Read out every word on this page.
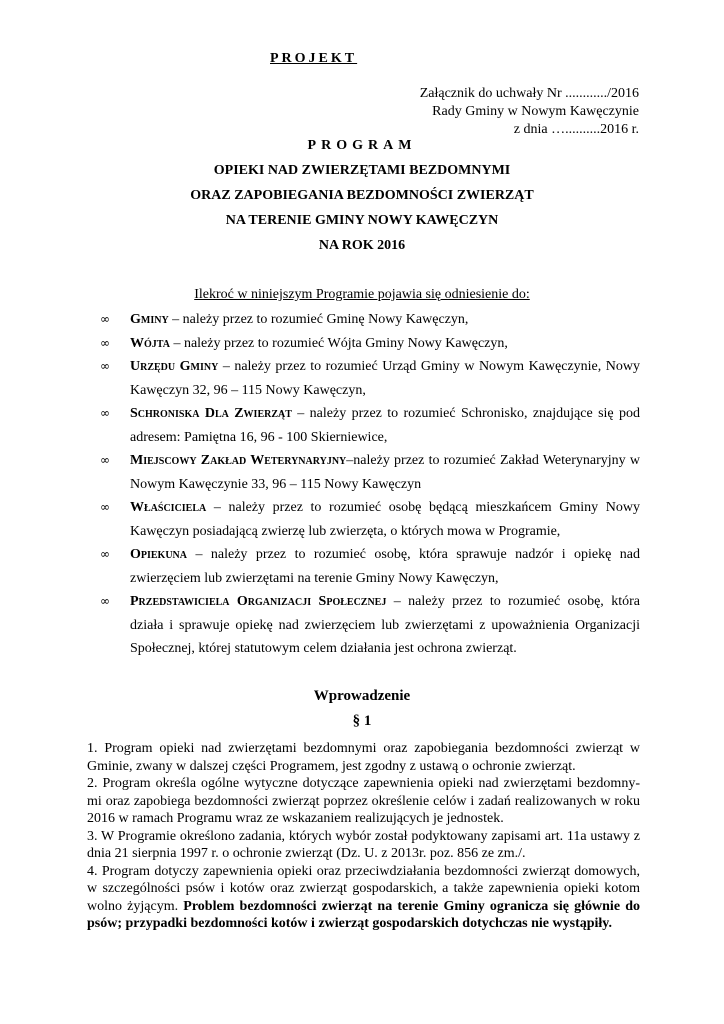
PROJEKT
Załącznik do uchwały Nr ............/2016
Rady Gminy w Nowym Kawęczynie
z dnia …..........2016 r.
PROGRAM
OPIEKI NAD ZWIERZĘTAMI BEZDOMNYMI
ORAZ ZAPOBIEGANIA BEZDOMNOŚCI ZWIERZĄT
NA TERENIE GMINY NOWY KAWĘCZYN
NA ROK 2016
Ilekroć w niniejszym Programie pojawia się odniesienie do:
∞ Gminy – należy przez to rozumieć Gminę Nowy Kawęczyn,
∞ Wójta – należy przez to rozumieć Wójta Gminy Nowy Kawęczyn,
∞ Urzędu Gminy – należy przez to rozumieć Urząd Gminy w Nowym Kawęczynie, Nowy Kawęczyn 32, 96 – 115 Nowy Kawęczyn,
∞ Schroniska Dla Zwierząt – należy przez to rozumieć Schronisko, znajdujące się pod adresem: Pamiętna 16, 96 - 100 Skierniewice,
∞ Miejscowy Zakład Weterynaryjny–należy przez to rozumieć Zakład Weterynaryjny w Nowym Kawęczynie 33, 96 – 115 Nowy Kawęczyn
∞ Właściciela – należy przez to rozumieć osobę będącą mieszkańcem Gminy Nowy Kawęczyn posiadającą zwierzę lub zwierzęta, o których mowa w Programie,
∞ Opiekuna – należy przez to rozumieć osobę, która sprawuje nadzór i opiekę nad zwierzęciem lub zwierzętami na terenie Gminy Nowy Kawęczyn,
∞ Przedstawiciela Organizacji Społecznej – należy przez to rozumieć osobę, która działa i sprawuje opiekę nad zwierzęciem lub zwierzętami z upoważnienia Organizacji Społecznej, której statutowym celem działania jest ochrona zwierząt.
Wprowadzenie
§ 1

1. Program opieki nad zwierzętami bezdomnymi oraz zapobiegania bezdomności zwierząt w Gminie, zwany w dalszej części Programem, jest zgodny z ustawą o ochronie zwierząt.

2. Program określa ogólne wytyczne dotyczące zapewnienia opieki nad zwierzętami bezdomny-mi oraz zapobiega bezdomności zwierząt poprzez określenie celów i zadań realizowanych w roku 2016 w ramach Programu wraz ze wskazaniem realizujących je jednostek.

3. W Programie określono zadania, których wybór został podyktowany zapisami art. 11a ustawy z dnia 21 sierpnia 1997 r. o ochronie zwierząt (Dz. U. z 2013r. poz. 856 ze zm./.

4. Program dotyczy zapewnienia opieki oraz przeciwdziałania bezdomności zwierząt domowych, w szczególności psów i kotów oraz zwierząt gospodarskich, a także zapewnienia opieki kotom wolno żyjącym. Problem bezdomności zwierząt na terenie Gminy ogranicza się głównie do psów; przypadki bezdomności kotów i zwierząt gospodarskich dotychczas nie wystąpiły.
